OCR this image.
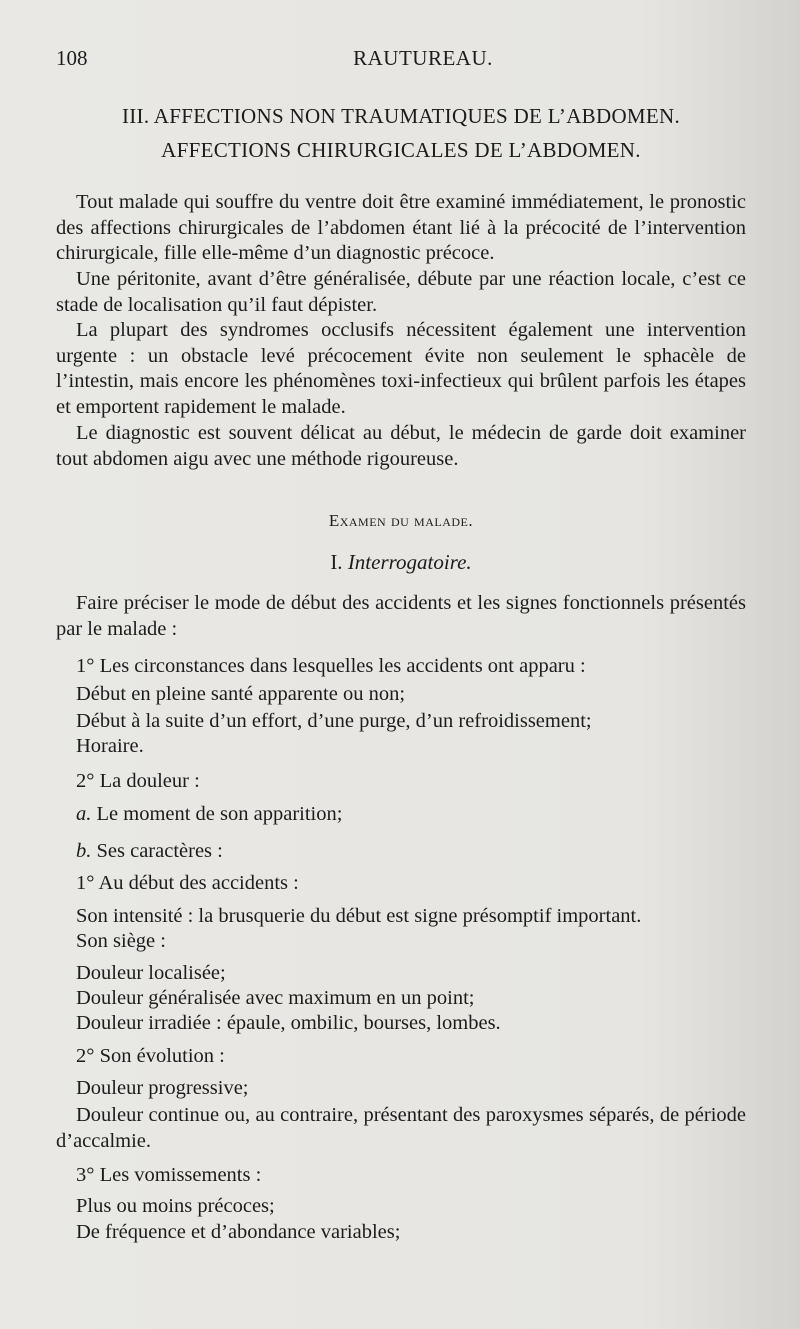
108	RAUTUREAU.
III. AFFECTIONS NON TRAUMATIQUES DE L’ABDOMEN.
AFFECTIONS CHIRURGICALES DE L’ABDOMEN.
Tout malade qui souffre du ventre doit être examiné immédiatement, le pronostic des affections chirurgicales de l’abdomen étant lié à la précocité de l’intervention chirurgicale, fille elle-même d’un diagnostic précoce.
Une péritonite, avant d’être généralisée, débute par une réaction locale, c’est ce stade de localisation qu’il faut dépister.
La plupart des syndromes occlusifs nécessitent également une intervention urgente : un obstacle levé précocement évite non seulement le sphacèle de l’intestin, mais encore les phénomènes toxi-infectieux qui brûlent parfois les étapes et emportent rapidement le malade.
Le diagnostic est souvent délicat au début, le médecin de garde doit examiner tout abdomen aigu avec une méthode rigoureuse.
Examen du malade.
I. Interrogatoire.
Faire préciser le mode de début des accidents et les signes fonctionnels présentés par le malade :
1° Les circonstances dans lesquelles les accidents ont apparu :
Début en pleine santé apparente ou non;
Début à la suite d’un effort, d’une purge, d’un refroidissement;
Horaire.
2° La douleur :
a. Le moment de son apparition;
b. Ses caractères :
1° Au début des accidents :
Son intensité : la brusquerie du début est signe présomptif important.
Son siège :
Douleur localisée;
Douleur généralisée avec maximum en un point;
Douleur irradiée : épaule, ombilic, bourses, lombes.
2° Son évolution :
Douleur progressive;
Douleur continue ou, au contraire, présentant des paroxysmes séparés, de période d’accalmie.
3° Les vomissements :
Plus ou moins précoces;
De fréquence et d’abondance variables;
